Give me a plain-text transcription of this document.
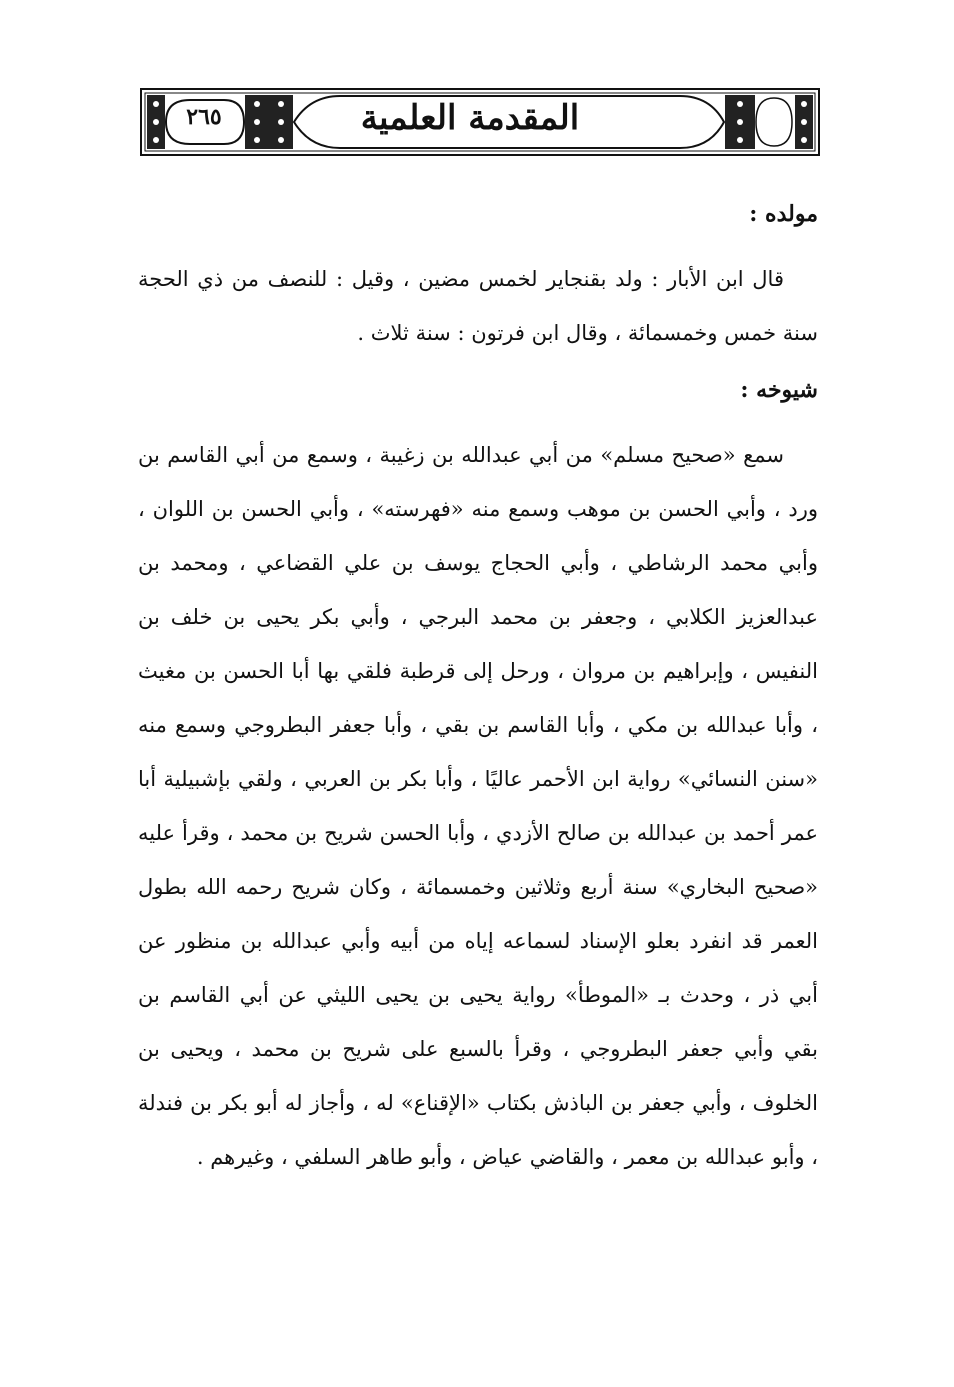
٢٦٥	المقدمة العلمية
مولده :

قال ابن الأبار : ولد بقنجاير لخمس مضين ، وقيل : للنصف من ذي الحجة سنة خمس وخمسمائة ، وقال ابن فرتون : سنة ثلاث .

شيوخه :

سمع «صحيح مسلم» من أبي عبدالله بن زغيبة ، وسمع من أبي القاسم بن ورد ، وأبي الحسن بن موهب وسمع منه «فهرسته» ، وأبي الحسن بن اللوان ، وأبي محمد الرشاطي ، وأبي الحجاج يوسف بن علي القضاعي ، ومحمد بن عبدالعزيز الكلابي ، وجعفر بن محمد البرجي ، وأبي بكر يحيى بن خلف بن النفيس ، وإبراهيم بن مروان ، ورحل إلى قرطبة فلقي بها أبا الحسن بن مغيث ، وأبا عبدالله بن مكي ، وأبا القاسم بن بقي ، وأبا جعفر البطروجي وسمع منه «سنن النسائي» رواية ابن الأحمر عاليًا ، وأبا بكر بن العربي ، ولقي بإشبيلية أبا عمر أحمد بن عبدالله بن صالح الأزدي ، وأبا الحسن شريح بن محمد ، وقرأ عليه «صحيح البخاري» سنة أربع وثلاثين وخمسمائة ، وكان شريح رحمه الله بطول العمر قد انفرد بعلو الإسناد لسماعه إياه من أبيه وأبي عبدالله بن منظور عن أبي ذر ، وحدث بـ «الموطأ» رواية يحيى بن يحيى الليثي عن أبي القاسم بن بقي وأبي جعفر البطروجي ، وقرأ بالسبع على شريح بن محمد ، ويحيى بن الخلوف ، وأبي جعفر بن الباذش بكتاب «الإقناع» له ، وأجاز له أبو بكر بن فندلة ، وأبو عبدالله بن معمر ، والقاضي عياض ، وأبو طاهر السلفي ، وغيرهم .
